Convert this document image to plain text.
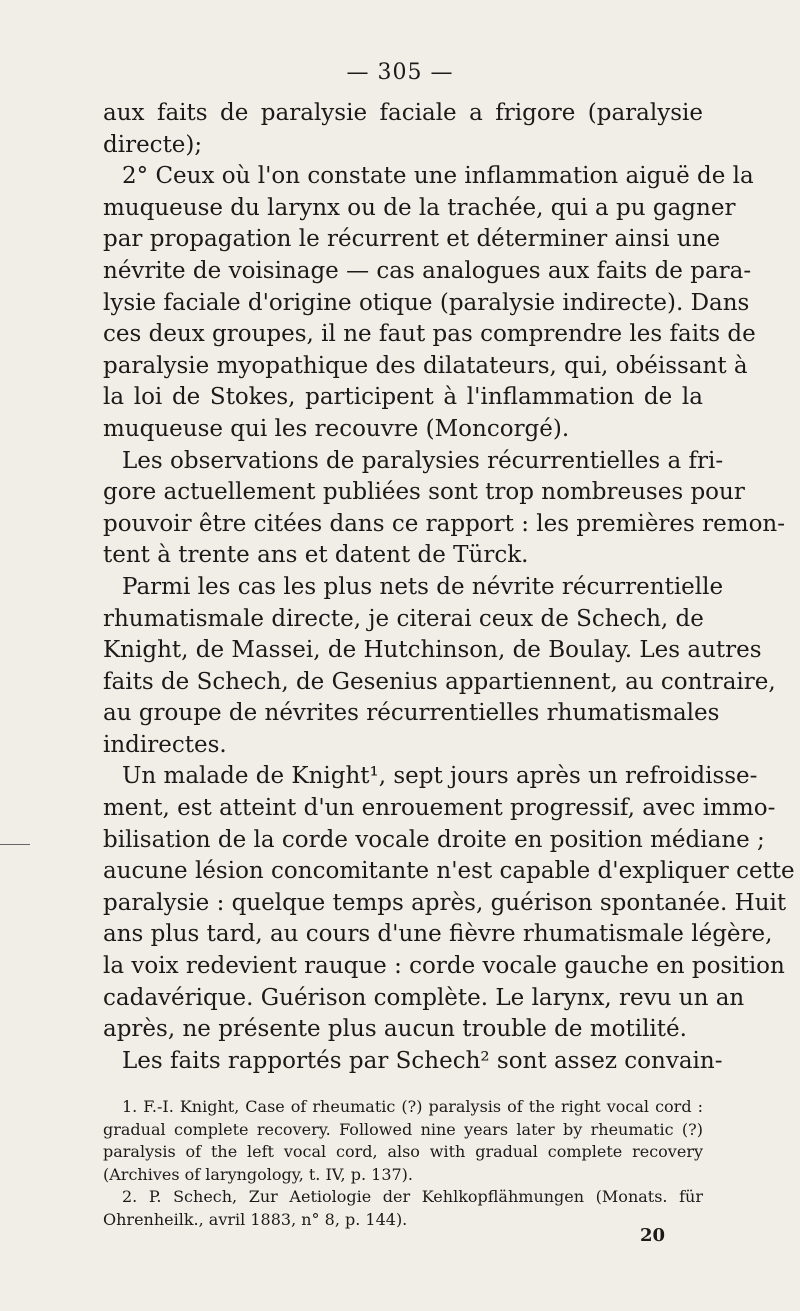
— 305 —
aux faits de paralysie faciale a frigore (paralysie
directe);
2° Ceux où l'on constate une inflammation aiguë de la
muqueuse du larynx ou de la trachée, qui a pu gagner
par propagation le récurrent et déterminer ainsi une
névrite de voisinage — cas analogues aux faits de para-
lysie faciale d'origine otique (paralysie indirecte). Dans
ces deux groupes, il ne faut pas comprendre les faits de
paralysie myopathique des dilatateurs, qui, obéissant à
la loi de Stokes, participent à l'inflammation de la
muqueuse qui les recouvre (Moncorgé).
Les observations de paralysies récurrentielles a fri-
gore actuellement publiées sont trop nombreuses pour
pouvoir être citées dans ce rapport : les premières remon-
tent à trente ans et datent de Türck.
Parmi les cas les plus nets de névrite récurrentielle
rhumatismale directe, je citerai ceux de Schech, de
Knight, de Massei, de Hutchinson, de Boulay. Les autres
faits de Schech, de Gesenius appartiennent, au contraire,
au groupe de névrites récurrentielles rhumatismales
indirectes.
Un malade de Knight¹, sept jours après un refroidisse-
ment, est atteint d'un enrouement progressif, avec immo-
bilisation de la corde vocale droite en position médiane ;
aucune lésion concomitante n'est capable d'expliquer cette
paralysie : quelque temps après, guérison spontanée. Huit
ans plus tard, au cours d'une fièvre rhumatismale légère,
la voix redevient rauque : corde vocale gauche en position
cadavérique. Guérison complète. Le larynx, revu un an
après, ne présente plus aucun trouble de motilité.
Les faits rapportés par Schech² sont assez convain-
1. F.-I. Knight, Case of rheumatic (?) paralysis of the right vocal cord :
gradual complete recovery. Followed nine years later by rheumatic (?)
paralysis of the left vocal cord, also with gradual complete recovery
(Archives of laryngology, t. IV, p. 137).
2. P. Schech, Zur Aetiologie der Kehlkopflähmungen (Monats. für
Ohrenheilk., avril 1883, n° 8, p. 144).
20
